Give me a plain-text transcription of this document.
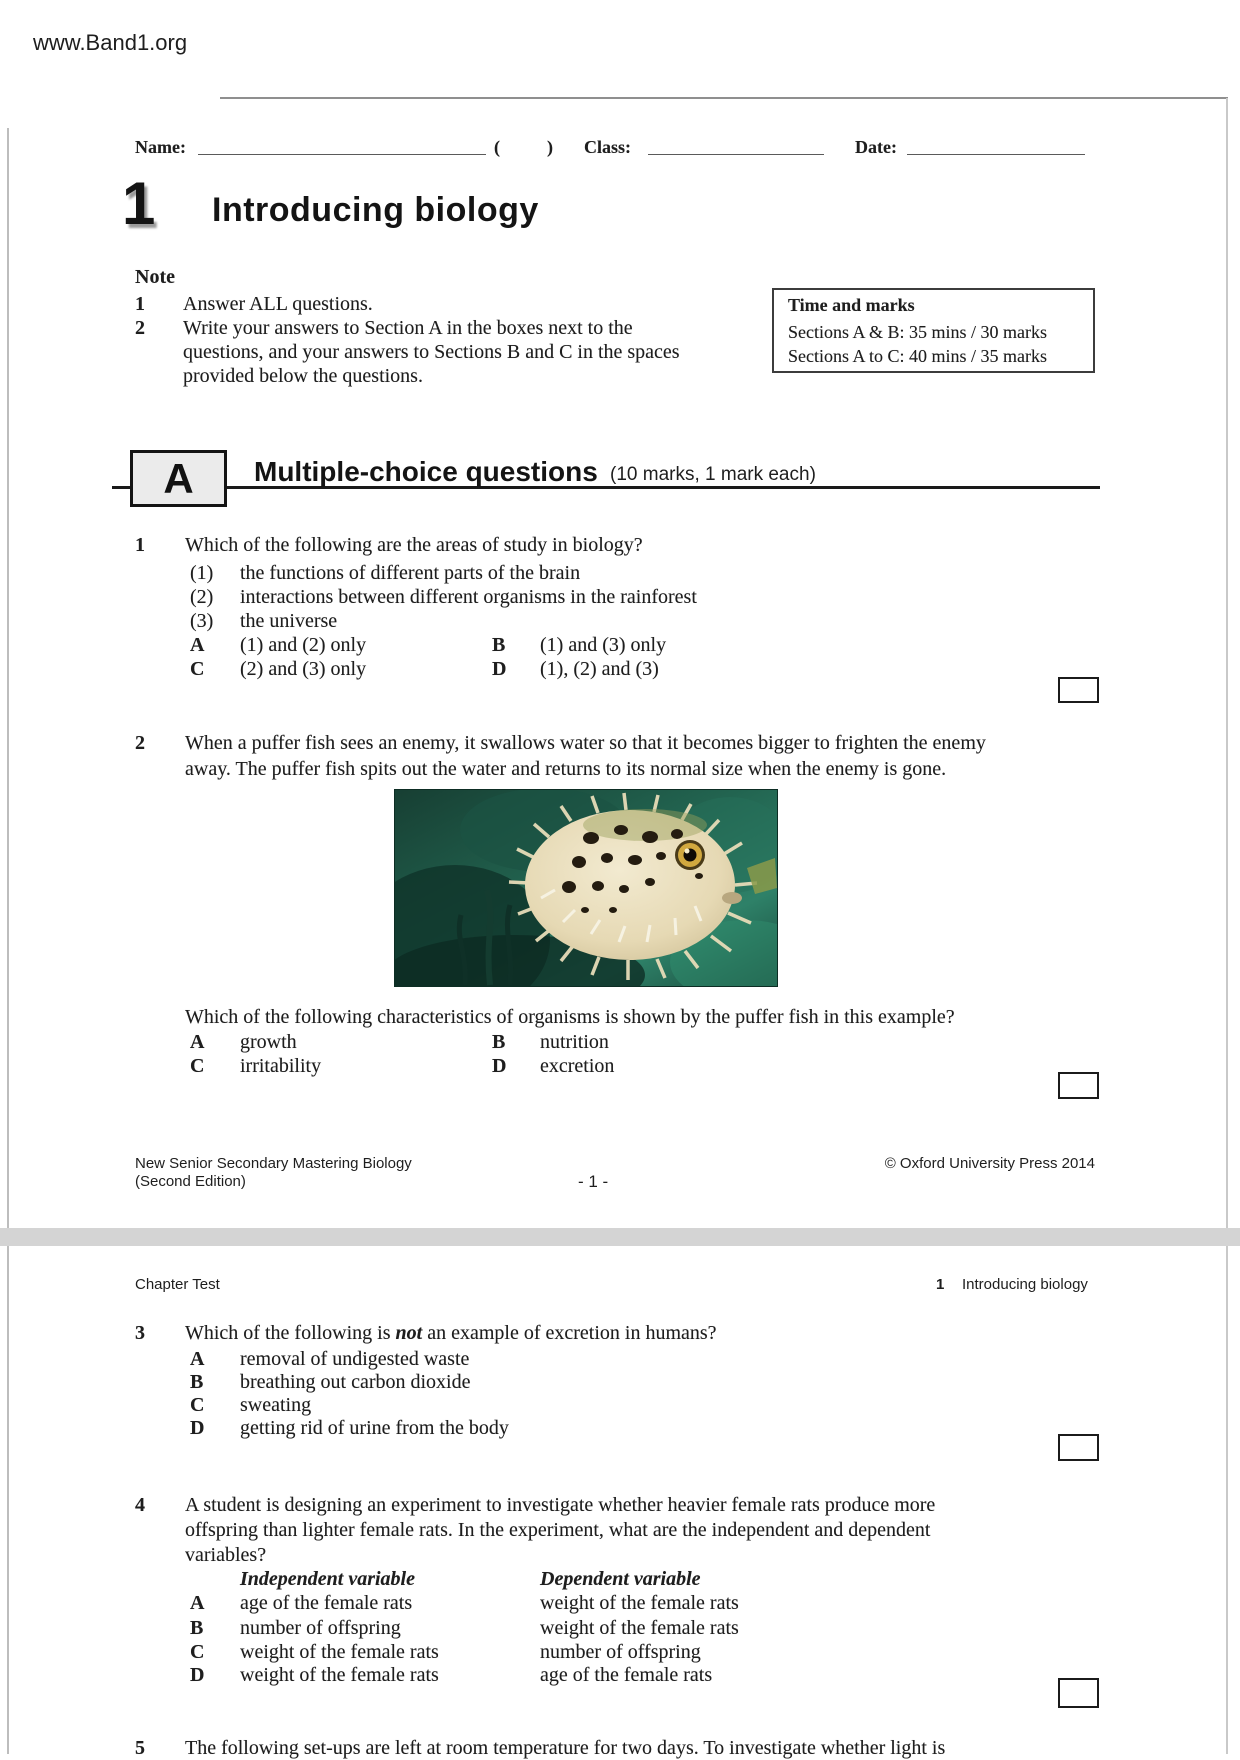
www.Band1.org
Name:	(	) Class:	Date:
1 Introducing biology
Note
1 Answer ALL questions.
2 Write your answers to Section A in the boxes next to the
questions, and your answers to Sections B and C in the spaces
provided below the questions.
Time and marks
Sections A & B: 35 mins / 30 marks
Sections A to C: 40 mins / 35 marks
A Multiple-choice questions (10 marks, 1 mark each)
1 Which of the following are the areas of study in biology?
(1) the functions of different parts of the brain
(2) interactions between different organisms in the rainforest
(3) the universe
A (1) and (2) only	B (1) and (3) only
C (2) and (3) only	D (1), (2) and (3)
2 When a puffer fish sees an enemy, it swallows water so that it becomes bigger to frighten the enemy
away. The puffer fish spits out the water and returns to its normal size when the enemy is gone.
Which of the following characteristics of organisms is shown by the puffer fish in this example?
A growth	B nutrition
C irritability	D excretion
New Senior Secondary Mastering Biology
(Second Edition)	- 1 -
© Oxford University Press 2014
Chapter Test	1 Introducing biology
3 Which of the following is not an example of excretion in humans?
A removal of undigested waste
B breathing out carbon dioxide
C sweating
D getting rid of urine from the body
4 A student is designing an experiment to investigate whether heavier female rats produce more
offspring than lighter female rats. In the experiment, what are the independent and dependent
variables?
Independent variable	Dependent variable
A age of the female rats	weight of the female rats
B number of offspring	weight of the female rats
C weight of the female rats	number of offspring
D weight of the female rats	age of the female rats
5 The following set-ups are left at room temperature for two days. To investigate whether light is
